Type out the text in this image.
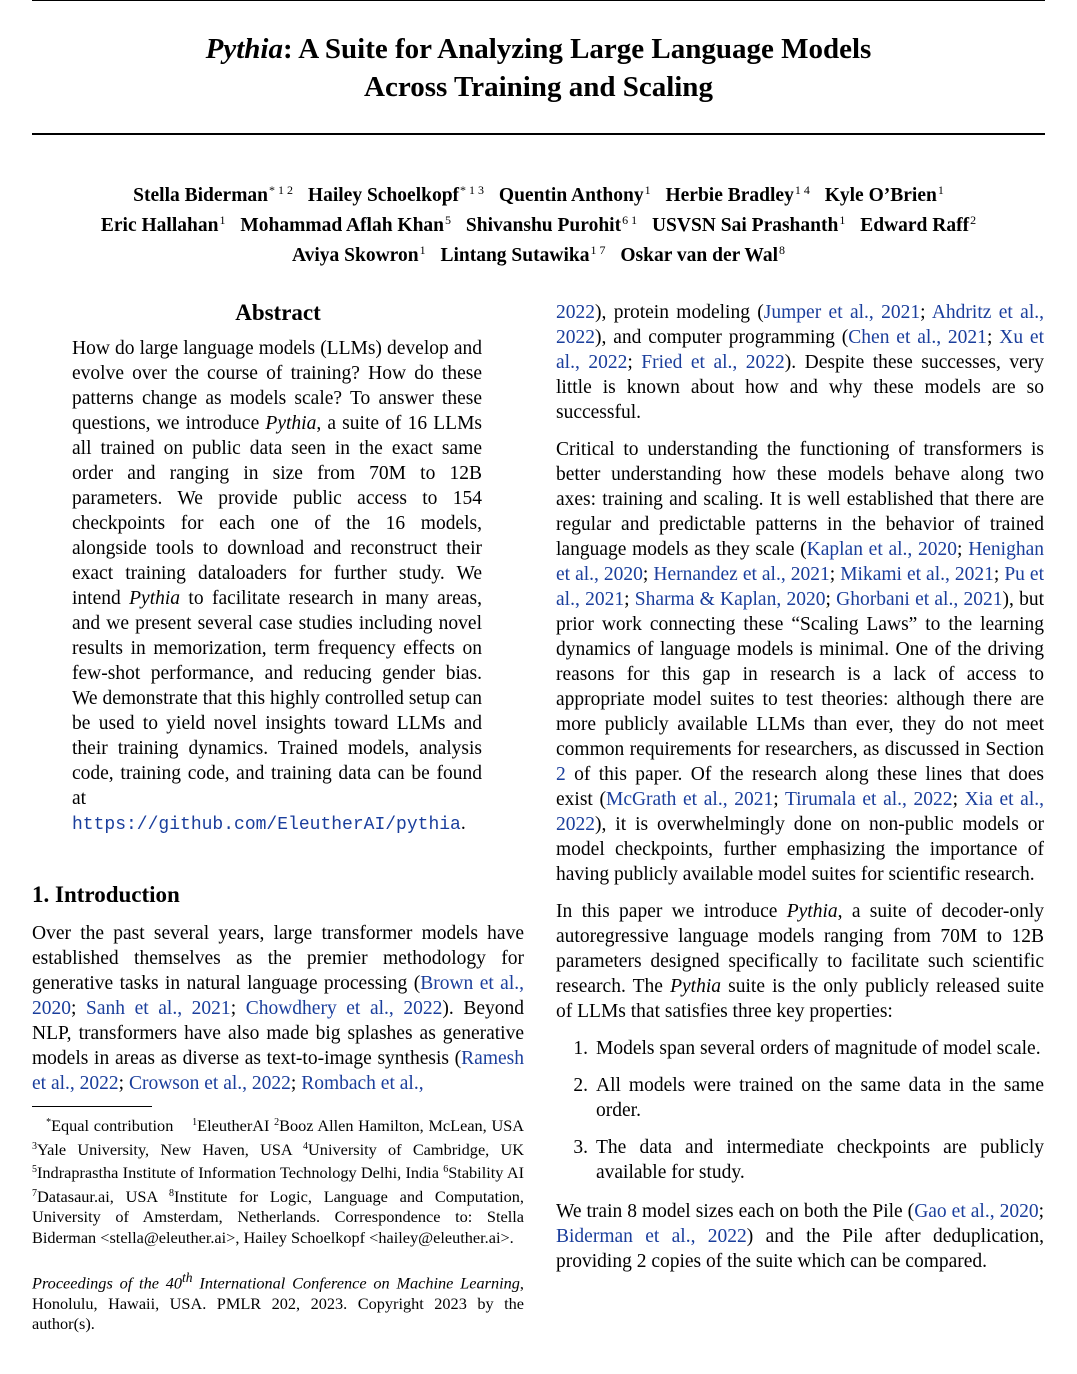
Pythia: A Suite for Analyzing Large Language Models
Across Training and Scaling
Stella Biderman$^{* 1 2}$ Hailey Schoelkopf$^{* 1 3}$ Quentin Anthony$^1$ Herbie Bradley$^{1 4}$ Kyle O’Brien$^1$
Eric Hallahan$^1$ Mohammad Aflah Khan$^5$ Shivanshu Purohit$^{6 1}$ USVSN Sai Prashanth$^1$ Edward Raff$^2$
Aviya Skowron$^1$ Lintang Sutawika$^{1 7}$ Oskar van der Wal$^8$
Abstract

How do large language models (LLMs) develop and evolve over the course of training? How do these patterns change as models scale? To answer these questions, we introduce Pythia, a suite of 16 LLMs all trained on public data seen in the exact same order and ranging in size from 70M to 12B parameters. We provide public access to 154 checkpoints for each one of the 16 models, alongside tools to download and reconstruct their exact training dataloaders for further study. We intend Pythia to facilitate research in many areas, and we present several case studies including novel results in memorization, term frequency effects on few-shot performance, and reducing gender bias. We demonstrate that this highly controlled setup can be used to yield novel insights toward LLMs and their training dynamics. Trained models, analysis code, training code, and training data can be found at https://github.com/EleutherAI/pythia.

1. Introduction

Over the past several years, large transformer models have established themselves as the premier methodology for generative tasks in natural language processing (Brown et al., 2020; Sanh et al., 2021; Chowdhery et al., 2022). Beyond NLP, transformers have also made big splashes as generative models in areas as diverse as text-to-image synthesis (Ramesh et al., 2022; Crowson et al., 2022; Rombach et al.,

*Equal contribution $^1$EleutherAI $^2$Booz Allen Hamilton, McLean, USA $^3$Yale University, New Haven, USA $^4$University of Cambridge, UK $^5$Indraprastha Institute of Information Technology Delhi, India $^6$Stability AI $^7$Datasaur.ai, USA $^8$Institute for Logic, Language and Computation, University of Amsterdam, Netherlands. Correspondence to: Stella Biderman <stella@eleuther.ai>, Hailey Schoelkopf <hailey@eleuther.ai>.
Proceedings of the 40th International Conference on Machine Learning, Honolulu, Hawaii, USA. PMLR 202, 2023. Copyright 2023 by the author(s).

2022), protein modeling (Jumper et al., 2021; Ahdritz et al., 2022), and computer programming (Chen et al., 2021; Xu et al., 2022; Fried et al., 2022). Despite these successes, very little is known about how and why these models are so successful.

Critical to understanding the functioning of transformers is better understanding how these models behave along two axes: training and scaling. It is well established that there are regular and predictable patterns in the behavior of trained language models as they scale (Kaplan et al., 2020; Henighan et al., 2020; Hernandez et al., 2021; Mikami et al., 2021; Pu et al., 2021; Sharma & Kaplan, 2020; Ghorbani et al., 2021), but prior work connecting these “Scaling Laws” to the learning dynamics of language models is minimal. One of the driving reasons for this gap in research is a lack of access to appropriate model suites to test theories: although there are more publicly available LLMs than ever, they do not meet common requirements for researchers, as discussed in Section 2 of this paper. Of the research along these lines that does exist (McGrath et al., 2021; Tirumala et al., 2022; Xia et al., 2022), it is overwhelmingly done on non-public models or model checkpoints, further emphasizing the importance of having publicly available model suites for scientific research.

In this paper we introduce Pythia, a suite of decoder-only autoregressive language models ranging from 70M to 12B parameters designed specifically to facilitate such scientific research. The Pythia suite is the only publicly released suite of LLMs that satisfies three key properties:

1. Models span several orders of magnitude of model scale.
2. All models were trained on the same data in the same order.
3. The data and intermediate checkpoints are publicly available for study.

We train 8 model sizes each on both the Pile (Gao et al., 2020; Biderman et al., 2022) and the Pile after deduplication, providing 2 copies of the suite which can be compared.
